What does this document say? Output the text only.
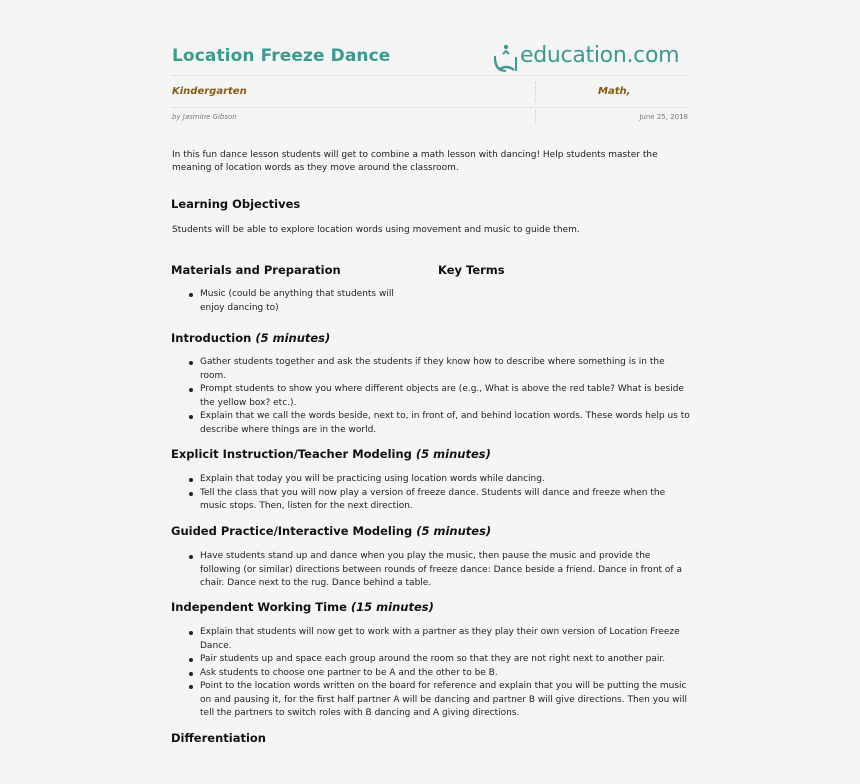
Location Freeze Dance	education.com
Kindergarten	Math,
by Jasmine Gibson	June 25, 2018
In this fun dance lesson students will get to combine a math lesson with dancing! Help students master the meaning of location words as they move around the classroom.
Learning Objectives
Students will be able to explore location words using movement and music to guide them.
Materials and Preparation	Key Terms
Music (could be anything that students will enjoy dancing to)
Introduction (5 minutes)
Gather students together and ask the students if they know how to describe where something is in the room.
Prompt students to show you where different objects are (e.g., What is above the red table? What is beside the yellow box? etc.).
Explain that we call the words beside, next to, in front of, and behind location words. These words help us to describe where things are in the world.
Explicit Instruction/Teacher Modeling (5 minutes)
Explain that today you will be practicing using location words while dancing.
Tell the class that you will now play a version of freeze dance. Students will dance and freeze when the music stops. Then, listen for the next direction.
Guided Practice/Interactive Modeling (5 minutes)
Have students stand up and dance when you play the music, then pause the music and provide the following (or similar) directions between rounds of freeze dance: Dance beside a friend. Dance in front of a chair. Dance next to the rug. Dance behind a table.
Independent Working Time (15 minutes)
Explain that students will now get to work with a partner as they play their own version of Location Freeze Dance.
Pair students up and space each group around the room so that they are not right next to another pair.
Ask students to choose one partner to be A and the other to be B.
Point to the location words written on the board for reference and explain that you will be putting the music on and pausing it, for the first half partner A will be dancing and partner B will give directions. Then you will tell the partners to switch roles with B dancing and A giving directions.
Differentiation
